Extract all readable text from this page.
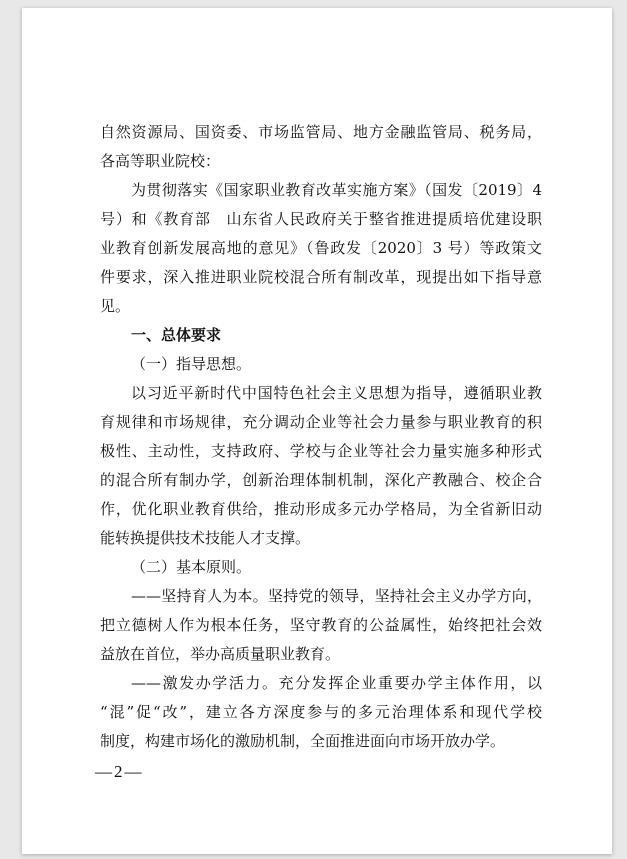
自然资源局、国资委、市场监管局、地方金融监管局、税务局，
各高等职业院校：
为贯彻落实《国家职业教育改革实施方案》（国发〔2019〕4
号）和《教育部　山东省人民政府关于整省推进提质培优建设职
业教育创新发展高地的意见》（鲁政发〔2020〕3 号）等政策文
件要求，深入推进职业院校混合所有制改革，现提出如下指导意
见。
一、总体要求
（一）指导思想。
以习近平新时代中国特色社会主义思想为指导，遵循职业教
育规律和市场规律，充分调动企业等社会力量参与职业教育的积
极性、主动性，支持政府、学校与企业等社会力量实施多种形式
的混合所有制办学，创新治理体制机制，深化产教融合、校企合
作，优化职业教育供给，推动形成多元办学格局，为全省新旧动
能转换提供技术技能人才支撑。
（二）基本原则。
——坚持育人为本。坚持党的领导，坚持社会主义办学方向，
把立德树人作为根本任务，坚守教育的公益属性，始终把社会效
益放在首位，举办高质量职业教育。
——激发办学活力。充分发挥企业重要办学主体作用，以
“混”促“改”，建立各方深度参与的多元治理体系和现代学校
制度，构建市场化的激励机制，全面推进面向市场开放办学。
—2—
